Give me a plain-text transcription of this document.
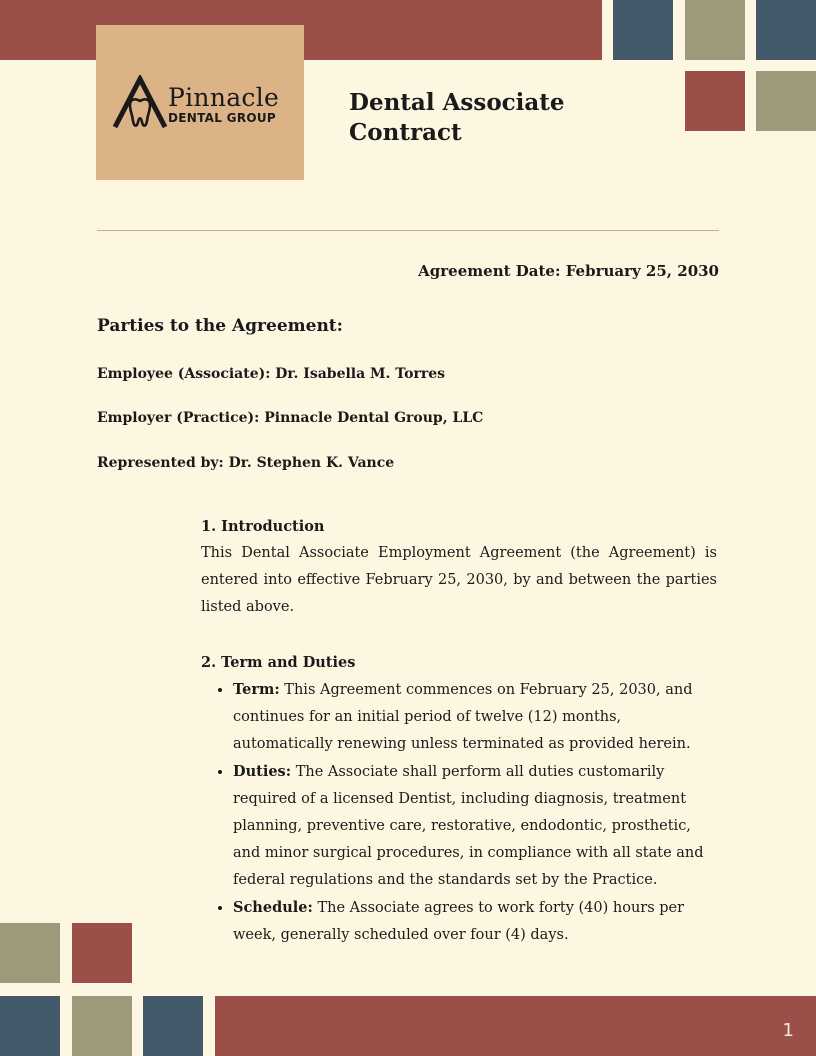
Pinnacle
DENTAL GROUP
Dental Associate Contract
Agreement Date: February 25, 2030
Parties to the Agreement:
Employee (Associate): Dr. Isabella M. Torres
Employer (Practice): Pinnacle Dental Group, LLC
Represented by: Dr. Stephen K. Vance
1. Introduction

This Dental Associate Employment Agreement (the Agreement) is entered into effective February 25, 2030, by and between the parties listed above.

2. Term and Duties
• Term: This Agreement commences on February 25, 2030, and continues for an initial period of twelve (12) months, automatically renewing unless terminated as provided herein.
• Duties: The Associate shall perform all duties customarily required of a licensed Dentist, including diagnosis, treatment planning, preventive care, restorative, endodontic, prosthetic, and minor surgical procedures, in compliance with all state and federal regulations and the standards set by the Practice.
• Schedule: The Associate agrees to work forty (40) hours per week, generally scheduled over four (4) days.
1
